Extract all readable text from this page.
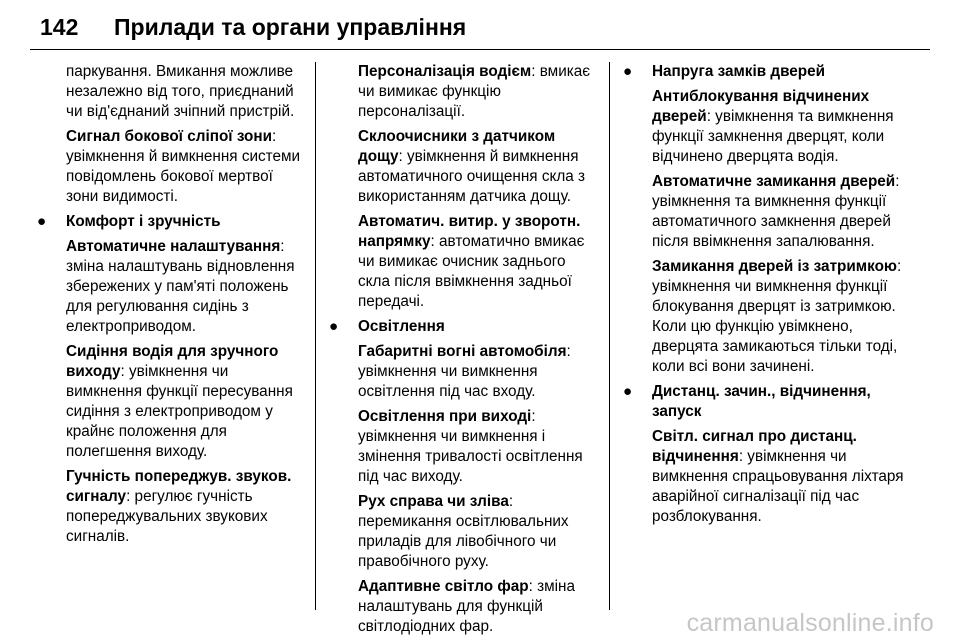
142 Прилади та органи управління

паркування. Вмикання можливе незалежно від того, приєднаний чи від'єднаний зчіпний пристрій.

Сигнал бокової сліпої зони: увімкнення й вимкнення системи повідомлень бокової мертвої зони видимості.

● Комфорт і зручність

Автоматичне налаштування: зміна налаштувань відновлення збережених у пам'яті положень для регулювання сидінь з електроприводом.

Сидіння водія для зручного виходу: увімкнення чи вимкнення функції пересування сидіння з електроприводом у крайнє положення для полегшення виходу.

Гучність попереджув. звуков. сигналу: регулює гучність попереджувальних звукових сигналів.

Персоналізація водієм: вмикає чи вимикає функцію персоналізації.

Склоочисники з датчиком дощу: увімкнення й вимкнення автоматичного очищення скла з використанням датчика дощу.

Автоматич. витир. у зворотн. напрямку: автоматично вмикає чи вимикає очисник заднього скла після ввімкнення задньої передачі.

● Освітлення

Габаритні вогні автомобіля: увімкнення чи вимкнення освітлення під час входу.

Освітлення при виході: увімкнення чи вимкнення і змінення тривалості освітлення під час виходу.

Рух справа чи зліва: перемикання освітлювальних приладів для лівобічного чи правобічного руху.

Адаптивне світло фар: зміна налаштувань для функцій світлодіодних фар.

● Напруга замків дверей

Антиблокування відчинених дверей: увімкнення та вимкнення функції замкнення дверцят, коли відчинено дверцята водія.

Автоматичне замикання дверей: увімкнення та вимкнення функції автоматичного замкнення дверей після ввімкнення запалювання.

Замикання дверей із затримкою: увімкнення чи вимкнення функції блокування дверцят із затримкою. Коли цю функцію увімкнено, дверцята замикаються тільки тоді, коли всі вони зачинені.

● Дистанц. зачин., відчинення, запуск

Світл. сигнал про дистанц. відчинення: увімкнення чи вимкнення спрацьовування ліхтаря аварійної сигналізації під час розблокування.

carmanualsonline.info
